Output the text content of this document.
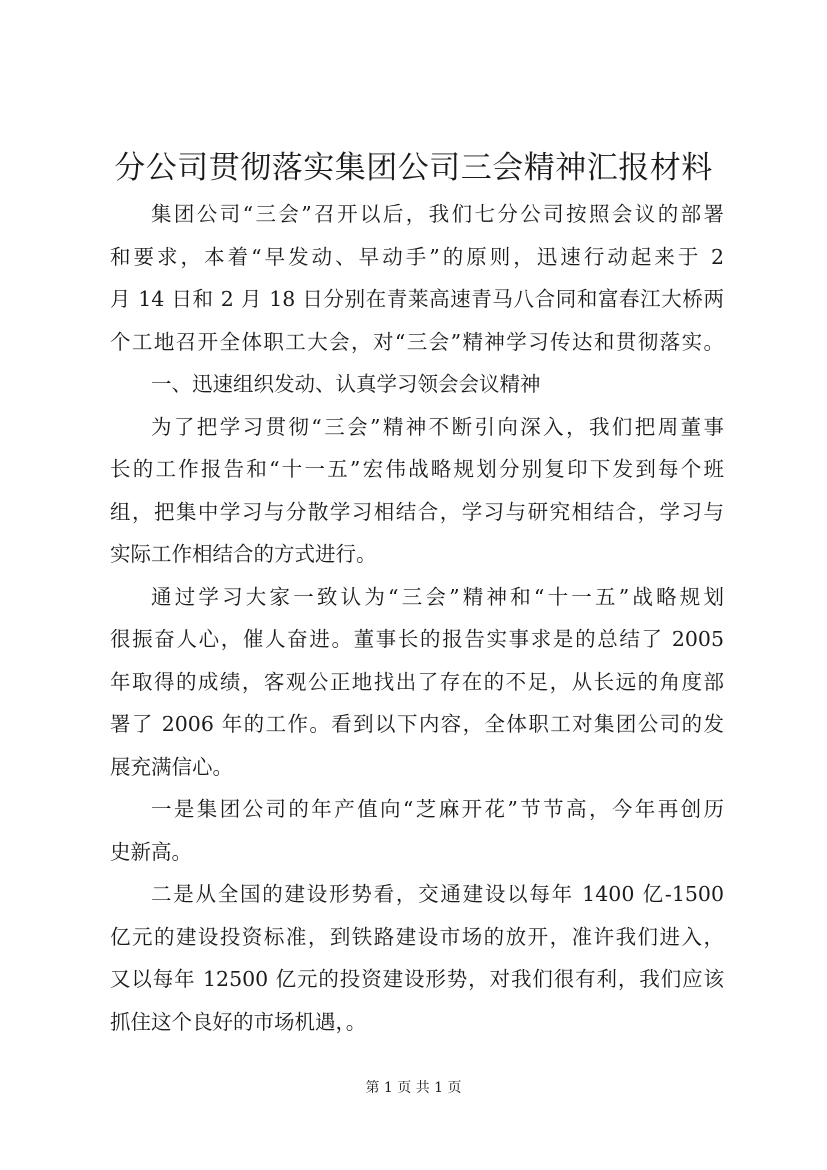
分公司贯彻落实集团公司三会精神汇报材料
集团公司“三会”召开以后，我们七分公司按照会议的部署
和要求，本着“早发动、早动手”的原则，迅速行动起来于 2
月 14 日和 2 月 18 日分别在青莱高速青马八合同和富春江大桥两
个工地召开全体职工大会，对“三会”精神学习传达和贯彻落实。
一、迅速组织发动、认真学习领会会议精神
为了把学习贯彻“三会”精神不断引向深入，我们把周董事
长的工作报告和“十一五”宏伟战略规划分别复印下发到每个班
组，把集中学习与分散学习相结合，学习与研究相结合，学习与
实际工作相结合的方式进行。
通过学习大家一致认为“三会”精神和“十一五”战略规划
很振奋人心，催人奋进。董事长的报告实事求是的总结了 2005
年取得的成绩，客观公正地找出了存在的不足，从长远的角度部
署了 2006 年的工作。看到以下内容，全体职工对集团公司的发
展充满信心。
一是集团公司的年产值向“芝麻开花”节节高，今年再创历
史新高。
二是从全国的建设形势看，交通建设以每年 1400 亿-1500
亿元的建设投资标准，到铁路建设市场的放开，准许我们进入，
又以每年 12500 亿元的投资建设形势，对我们很有利，我们应该
抓住这个良好的市场机遇，。
第 1 页 共 1 页
